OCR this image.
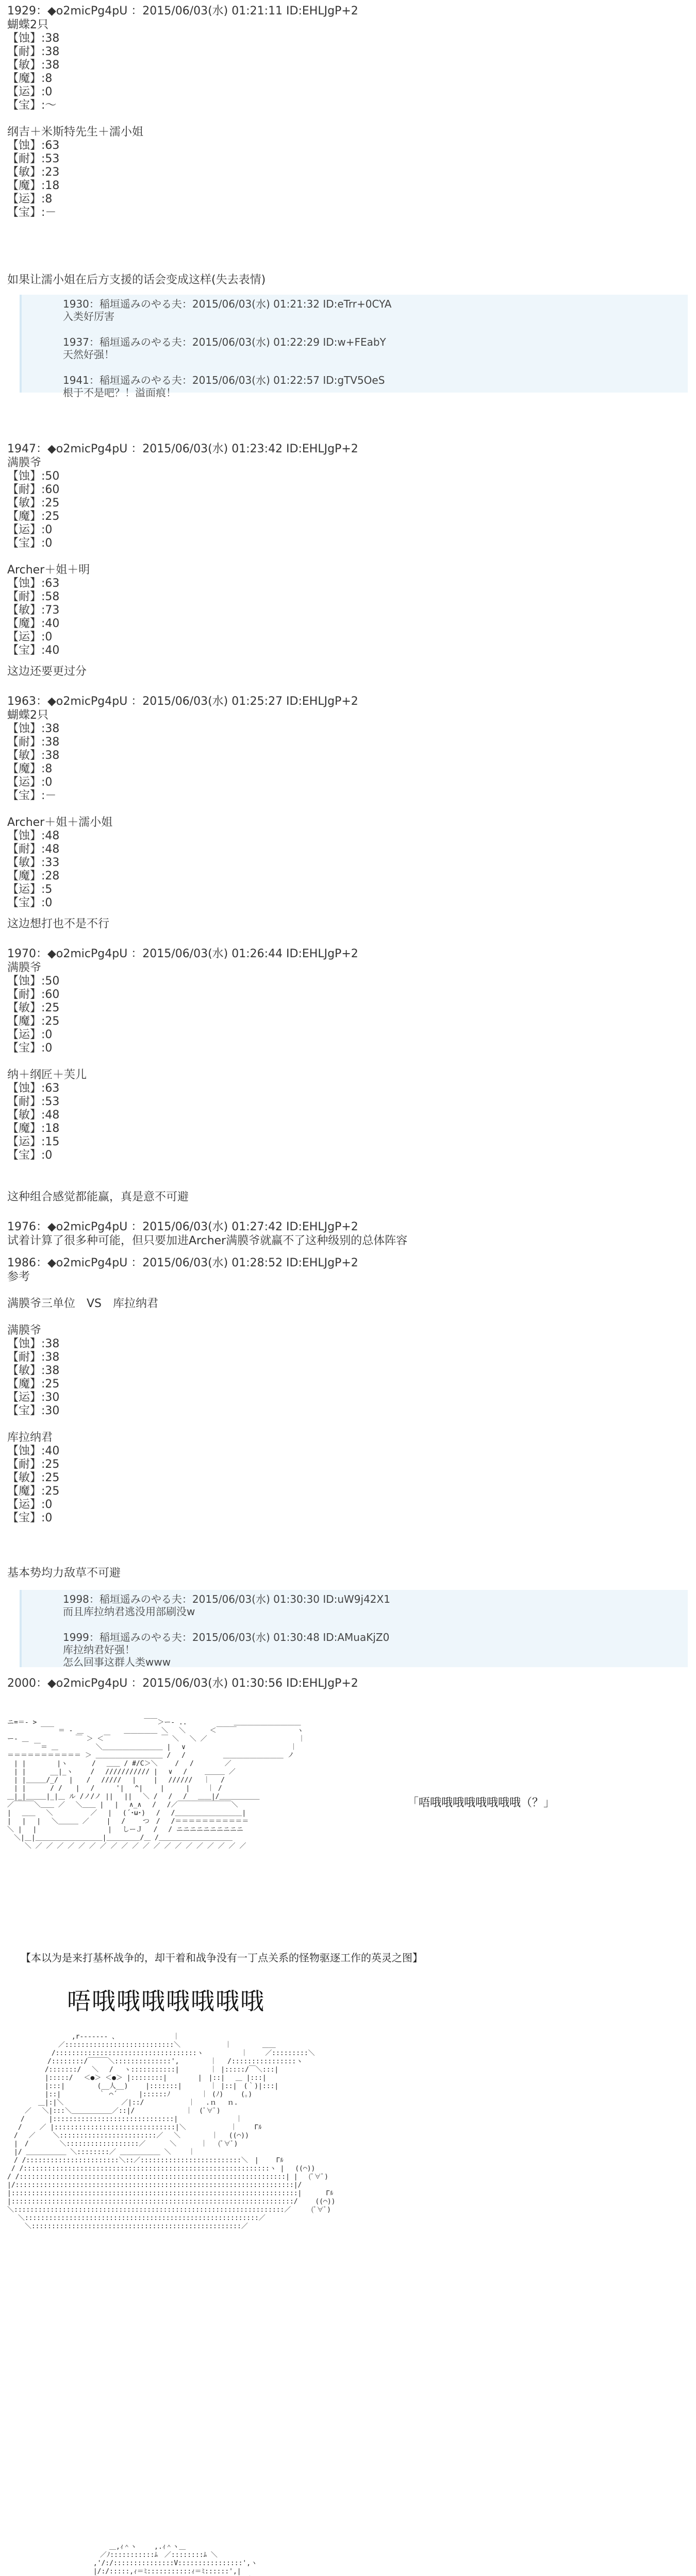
1929：◆o2micPg4pU ：2015/06/03(水) 01:21:11 ID:EHLJgP+2
蝴蝶2只
【蚀】:38
【耐】:38
【敏】:38
【魔】:8
【运】:0
【宝】:～

纲吉＋米斯特先生＋濡小姐
【蚀】:63
【耐】:53
【敏】:23
【魔】:18
【运】:8
【宝】:－
如果让濡小姐在后方支援的话会变成这样(失去表情)
1930：稲垣遥みのやる夫：2015/06/03(水) 01:21:32 ID:eTrr+0CYA
入类好厉害
1937：稲垣遥みのやる夫：2015/06/03(水) 01:22:29 ID:w+FEabY
天然好强！
1941：稲垣遥みのやる夫：2015/06/03(水) 01:22:57 ID:gTV5OeS
根于不是吧？！溢面痕！
1947：◆o2micPg4pU ：2015/06/03(水) 01:23:42 ID:EHLJgP+2
满膜爷
【蚀】:50
【耐】:60
【敏】:25
【魔】:25
【运】:0
【宝】:0

Archer＋姐＋明
【蚀】:63
【耐】:58
【敏】:73
【魔】:40
【运】:0
【宝】:40
这边还要更过分
1963：◆o2micPg4pU ：2015/06/03(水) 01:25:27 ID:EHLJgP+2
蝴蝶2只
【蚀】:38
【耐】:38
【敏】:38
【魔】:8
【运】:0
【宝】:－

Archer＋姐＋濡小姐
【蚀】:48
【耐】:48
【敏】:33
【魔】:28
【运】:5
【宝】:0
这边想打也不是不行
1970：◆o2micPg4pU ：2015/06/03(水) 01:26:44 ID:EHLJgP+2
满膜爷
【蚀】:50
【耐】:60
【敏】:25
【魔】:25
【运】:0
【宝】:0

纳＋纲匠＋芙儿
【蚀】:63
【耐】:53
【敏】:48
【魔】:18
【运】:15
【宝】:0
这种组合感觉都能赢，真是意不可避
1976：◆o2micPg4pU ：2015/06/03(水) 01:27:42 ID:EHLJgP+2
试着计算了很多种可能，但只要加进Archer满膜爷就赢不了这种级别的总体阵容
1986：◆o2micPg4pU ：2015/06/03(水) 01:28:52 ID:EHLJgP+2
参考

满膜爷三单位　VS　库拉纳君

满膜爷
【蚀】:38
【耐】:38
【敏】:38
【魔】:25
【运】:30
【宝】:30

库拉纳君
【蚀】:40
【耐】:25
【敏】:25
【魔】:25
【运】:0
【宝】:0
基本势均力敌草不可避
1998：稲垣遥みのやる夫：2015/06/03(水) 01:30:30 ID:uW9j42X1
而且库拉纳君逃没用部刷没w
1999：稲垣遥みのやる夫：2015/06/03(水) 01:30:48 ID:AMuaKjZ0
库拉纳君好强！
怎么回事这群人类www
2000：◆o2micPg4pU ：2015/06/03(水) 01:30:56 ID:EHLJgP+2

ニ=＝- >　　　　　　　　　　　　　　　　￣￣＞ー- ..　　　　　　　＿＿＿＿＿＿＿＿＿＿
　　　　　￣￣ ＝ - ＿　　　　　　＿＿＿＿＿ ＼　 ＼　　　 ＜￣￣￣　　　　　　　　　ヽ
ー- ＿　　　　　　　￣ ＞ ＜￣　　　　　　　 ￣ ＼　 ＼ ／　　　　　　　　　　　　　 ｜
　　　　￣＝ ＿　　　　　 ＼＿＿＿＿＿＿＿＿＿ |　 ∨　　　　　　　　　　　　　　　 ｜
＝＝＝＝＝＝＝＝＝＝＝ ＞ ＿＿＿＿＿＿＿＿＿＿ /　 /　　　　　 ＿＿＿＿＿＿＿＿＿ ノ
　| |　　　　 |ヽ　　　 /　 ＿＿ / #/C＞＼　　 /　 /　　　　 ／
　| |　　　 __|_ヽ　　 /　 /////////// |　 ∨　 /　　 ＿＿＿ ／
　| |＿＿＿/_/　 |　　/　 /////　 |　　 |　 //////　 ｜　 /
　| |　　　 / /　　|　 / 　　 '|　 ^|　　 | 　　 |　　 ｜ /
＿|_|＿＿＿|_|＿ ル /ノ/ノ ||　 ||　 ＼ /　 /　 /　 ＿＿|/＿＿＿＿＿＿
／￣￣￣＼＿＿ ／　 ＼＿＿ |　 |　 ∧_∧　 /　 /／￣￣￣￣￣￣￣￣＼
|　 ＿＿　 ＼　　　　　 ／　 |　 (´･ω･)　 /　 /＿＿＿＿＿＿＿＿＿＿|
|　 |　 |　 ＼＿＿＿ ／　　 |　 /　　 つ　/　 /＝＝＝＝＝＝＝＝＝＝＝
＼ |　 |　　　　　　　　　　 |　 しーＪ　 /　 / ニニニニニニニニニニ
　＼|＿|＿＿＿＿＿＿＿＿＿＿|＿＿＿＿＿/＿ /＿＿＿＿＿＿＿＿＿＿＿
　　 ＼ ／ ／ ／ ／ ／ ／ ／ ／ ／ ／ ／ ／ ／ ／ ／ ／ ／ ／ ／ ／

「唔哦哦哦哦哦哦哦哦（？」
【本以为是来打基杯战争的，却干着和战争没有一丁点关系的怪物驱逐工作的英灵之图】
唔哦哦哦哦哦哦哦

　　　　　　　　　 ,r‐‐‐‐‐‐‐ 、　　　　　　　　 ｜
　　　　　　　 ／:::::::::::::::::::::::::::＼　　　　　　 ｜　　　　 ＿＿
　　　　　　 /:::::::::::::::::::::::::::::::::::ヽ　　　　　 ｜　　 ／:::::::::＼
　　　　　　/::::::::/￣￣￣＼::::::::::::::',　　　　 ｜　 /::::::::::::::::ヽ
　　　　　 /:::::::/　 ＼　 /　 ヽ:::::::::::|　　　　 ｜ |:::::/￣＼:::|
　　　　　 |:::::/　 ＜●＞ ＜●＞ |::::::::|　　　　 |　|::|　 ＿ |:::|
　　　　　 |:::| 　 　 　(__人__)　　 |:::::::|　　 　 ｜ |::|　(｀)|:::|
　　　　　 |::|　　　　　 ｀ ⌒´　 　 |::::::ﾉ　　　　 ｜ (ﾉ)　 　(｡)
　　　　 ＿|:|＼　　　　　　　　 ／|::/　　　　　　 ｜　 .ｎ　 ｎ.
　　 ／　 ＼|:::＼＿＿＿＿＿＿／::|/　　　　　　　 ｜　(ﾟ∀ﾟ)
　　/　　　 |::::::::::::::::::::::::::::::|　　　　　　　　 ｜
　 /　　 ／ |::::::::::::::::::::::::::::::|＼　　　　　　 ｜　　 Γﾙ
　/　 ／　　 ＼::::::::::::::::::::::::／　 ＼　　　　 ｜　 ((⌒))
　|　/　　　　 ＼::::::::::::::::::／　　　 ＼　　　 ｜　 (ﾟ∀ﾟ)
　|/ ＿＿＿＿＿＿ ＼::::::::／ ＿＿＿＿＿＿ ＼　　 ｜
　/ /:::::::::::::::::::::::＼::／:::::::::::::::::::::::::＼　|　　 Γﾙ
/ /:::::::::::::::::::::::::::::::::::::::::::::::::::::::::::::ヽ |　 ((⌒))
/ /::::::::::::::::::::::::::::::::::::::::::::::::::::::::::::::::::| |　 (ﾟ∀ﾟ)
|/:::::::::::::::::::::::::::::::::::::::::::::::::::::::::::::::::::::|/
|:::::::::::::::::::::::::::::::::::::::::::::::::::::::::::::::::::::::|　　　 Γﾙ
|::::::::::::::::::::::::::::::::::::::::::::::::::::::::::::::::::::::/　　 ((⌒))
＼:::::::::::::::::::::::::::::::::::::::::::::::::::::::::::::::::::／　　　(ﾟ∀ﾟ)
　 ＼::::::::::::::::::::::::::::::::::::::::::::::::::::::::::／
　　 ＼::::::::::::::::::::::::::::::::::::::::::::::::::::／

　　　　　　　　　　　　　　＿,ｨ＾ヽ　　 ,.ｨ＾ヽ＿
　　　　　　　　　　　　 ／ﾉ:::::::::::ﾑ　／::::::::ﾑ ＼
　　　　　　　　　　　 ,'/:/:::::::::::::::V::::::::::::::::',ヽ
　　　　　　　　　　　 |/:/:::::,ｨ＝ﾐ:::::::::::ｨ＝ﾐ::::::',|
